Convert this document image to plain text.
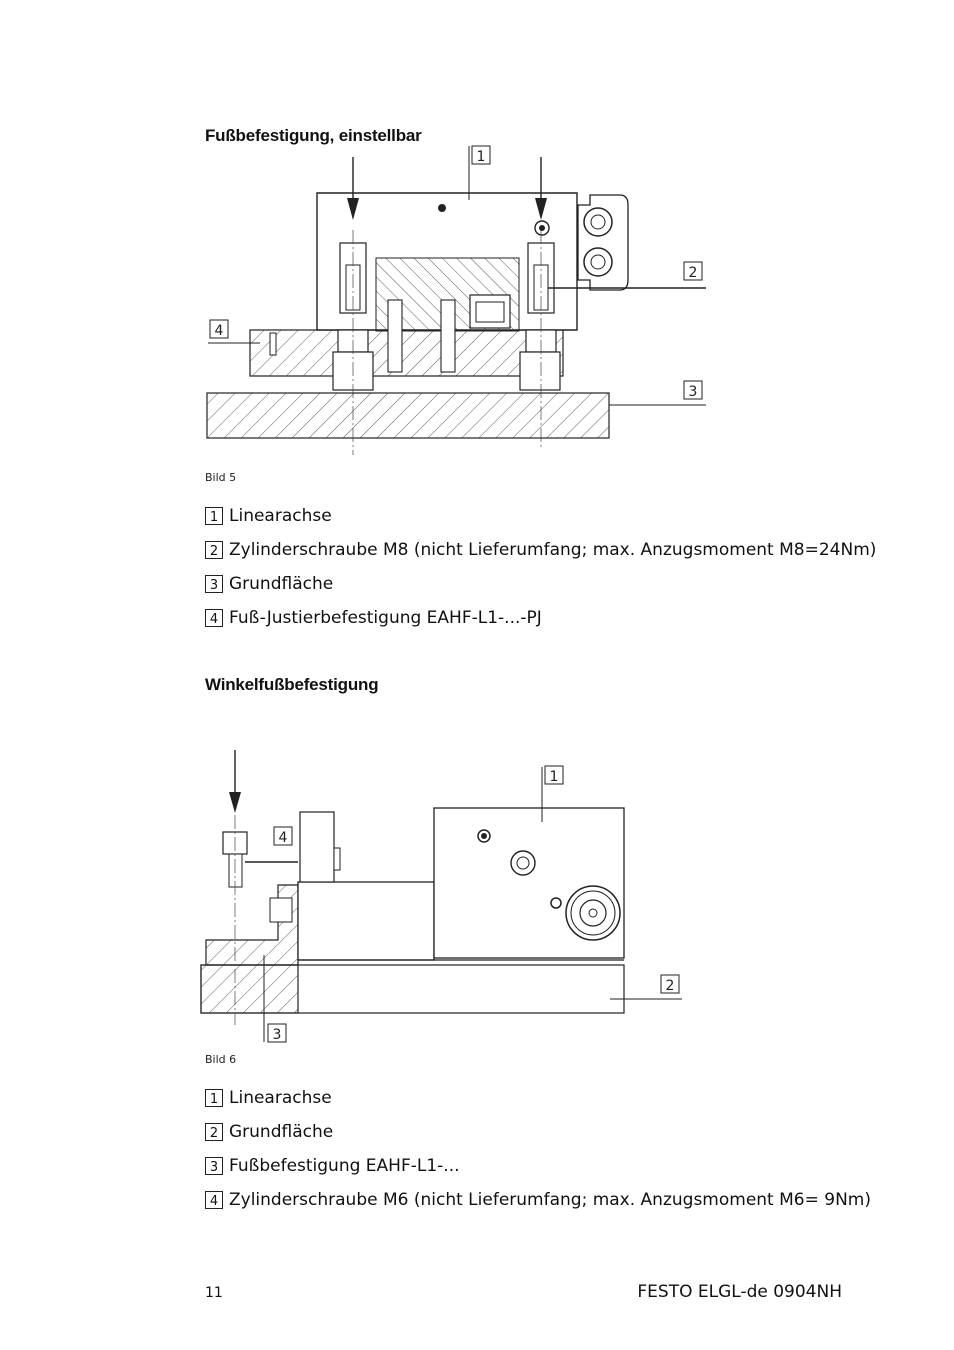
Fußbefestigung, einstellbar
1
2
3
4
Bild 5
1 Linearachse
2 Zylinderschraube M8 (nicht Lieferumfang; max. Anzugsmoment M8=24Nm)
3 Grundfläche
4 Fuß-Justierbefestigung EAHF-L1-...-PJ
Winkelfußbefestigung
1
2
3
4
Bild 6
1 Linearachse
2 Grundfläche
3 Fußbefestigung EAHF-L1-...
4 Zylinderschraube M6 (nicht Lieferumfang; max. Anzugsmoment M6= 9Nm)
11	FESTO ELGL-de 0904NH
